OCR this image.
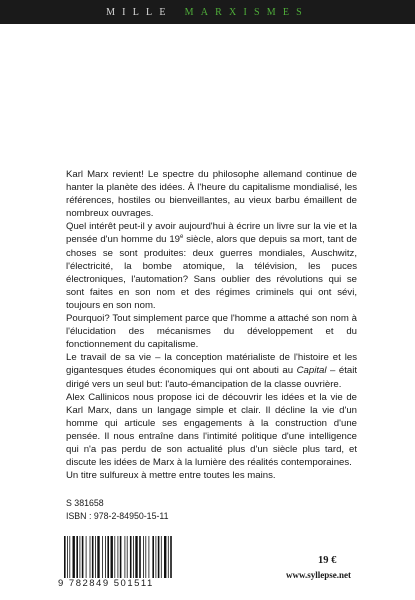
MILLE MARXISMES

Karl Marx revient! Le spectre du philosophe allemand continue de hanter la planète des idées. À l'heure du capitalisme mondialisé, les références, hostiles ou bienveillantes, au vieux barbu émaillent de nombreux ouvrages.

Quel intérêt peut-il y avoir aujourd'hui à écrire un livre sur la vie et la pensée d'un homme du 19e siècle, alors que depuis sa mort, tant de choses se sont produites: deux guerres mondiales, Auschwitz, l'électricité, la bombe atomique, la télévision, les puces électroniques, l'automation? Sans oublier des révolutions qui se sont faites en son nom et des régimes criminels qui ont sévi, toujours en son nom.

Pourquoi? Tout simplement parce que l'homme a attaché son nom à l'élucidation des mécanismes du développement et du fonctionnement du capitalisme.

Le travail de sa vie – la conception matérialiste de l'histoire et les gigantesques études économiques qui ont abouti au Capital – était dirigé vers un seul but: l'auto-émancipation de la classe ouvrière.

Alex Callinicos nous propose ici de découvrir les idées et la vie de Karl Marx, dans un langage simple et clair. Il décline la vie d'un homme qui articule ses engagements à la construction d'une pensée. Il nous entraîne dans l'intimité politique d'une intelligence qui n'a pas perdu de son actualité plus d'un siècle plus tard, et discute les idées de Marx à la lumière des réalités contemporaines.

Un titre sulfureux à mettre entre toutes les mains.

S 381658
ISBN : 978-2-84950-15-11
9 782849 501511
19 €
www.syllepse.net
